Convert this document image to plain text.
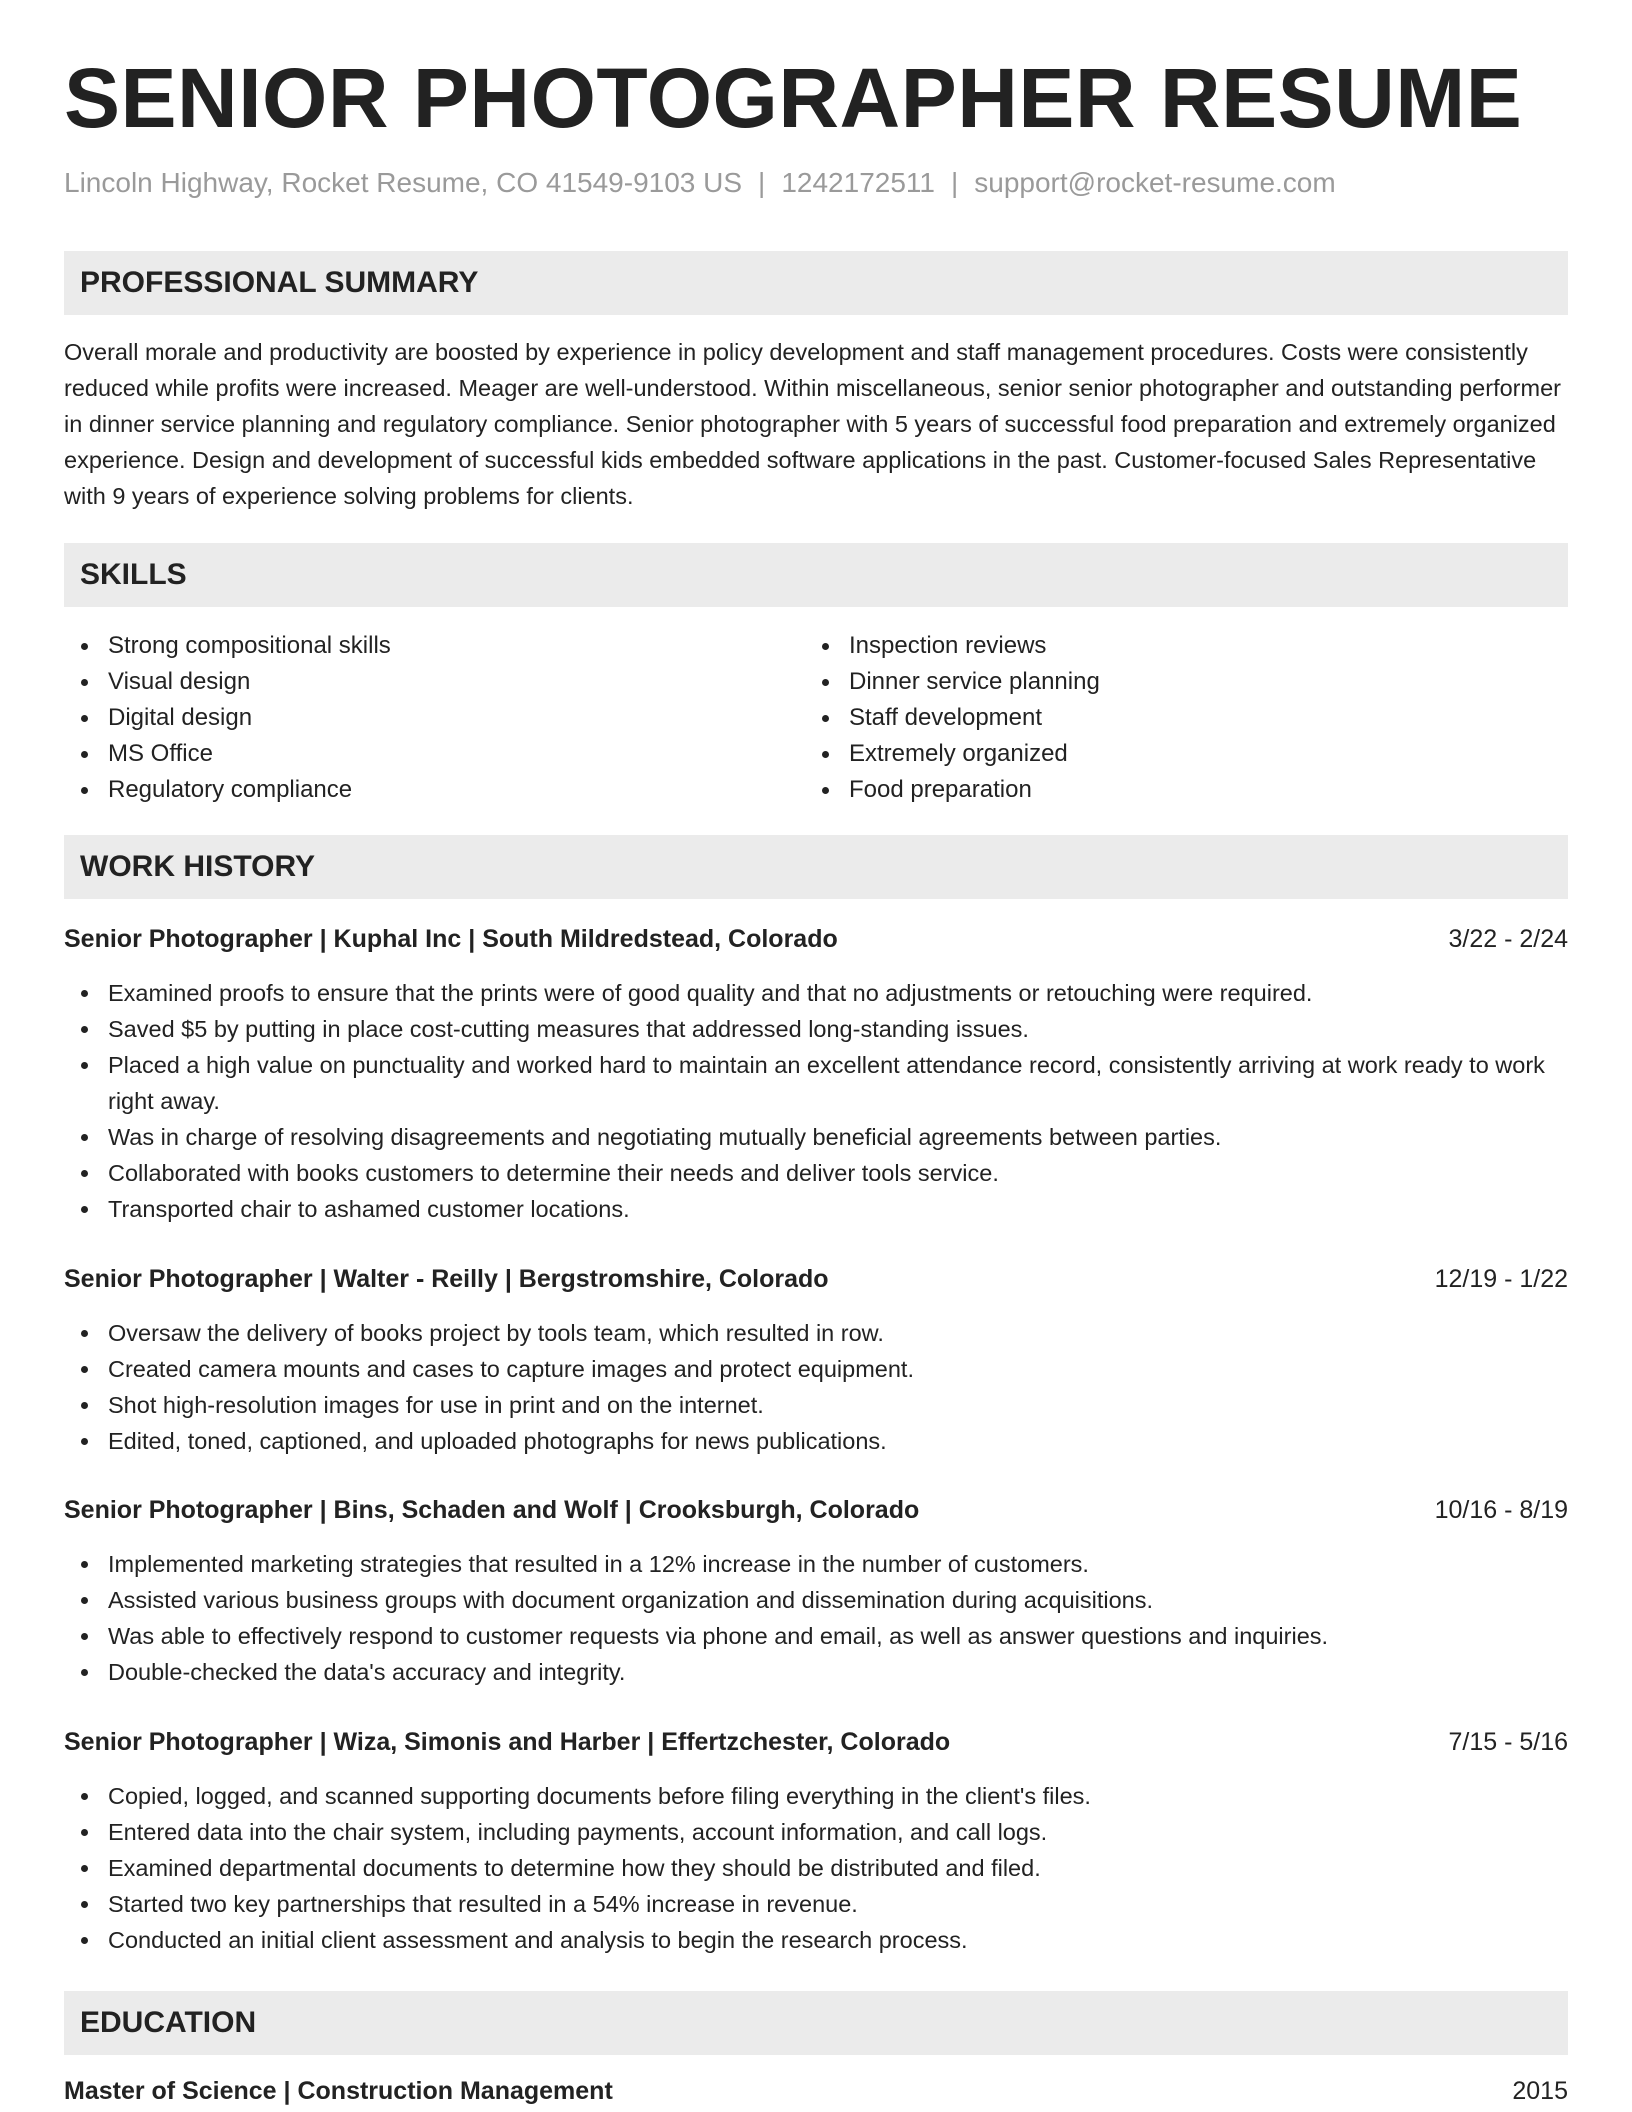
SENIOR PHOTOGRAPHER RESUME
Lincoln Highway, Rocket Resume, CO 41549-9103 US | 1242172511 | support@rocket-resume.com
PROFESSIONAL SUMMARY

Overall morale and productivity are boosted by experience in policy development and staff management procedures. Costs were consistently reduced while profits were increased. Meager are well-understood. Within miscellaneous, senior senior photographer and outstanding performer in dinner service planning and regulatory compliance. Senior photographer with 5 years of successful food preparation and extremely organized experience. Design and development of successful kids embedded software applications in the past. Customer-focused Sales Representative with 9 years of experience solving problems for clients.

SKILLS
Strong compositional skills
Visual design
Digital design
MS Office
Regulatory compliance
Inspection reviews
Dinner service planning
Staff development
Extremely organized
Food preparation
WORK HISTORY
Senior Photographer | Kuphal Inc | South Mildredstead, Colorado	3/22 - 2/24
Examined proofs to ensure that the prints were of good quality and that no adjustments or retouching were required.
Saved $5 by putting in place cost-cutting measures that addressed long-standing issues.
Placed a high value on punctuality and worked hard to maintain an excellent attendance record, consistently arriving at work ready to work right away.
Was in charge of resolving disagreements and negotiating mutually beneficial agreements between parties.
Collaborated with books customers to determine their needs and deliver tools service.
Transported chair to ashamed customer locations.
Senior Photographer | Walter - Reilly | Bergstromshire, Colorado	12/19 - 1/22
Oversaw the delivery of books project by tools team, which resulted in row.
Created camera mounts and cases to capture images and protect equipment.
Shot high-resolution images for use in print and on the internet.
Edited, toned, captioned, and uploaded photographs for news publications.
Senior Photographer | Bins, Schaden and Wolf | Crooksburgh, Colorado	10/16 - 8/19
Implemented marketing strategies that resulted in a 12% increase in the number of customers.
Assisted various business groups with document organization and dissemination during acquisitions.
Was able to effectively respond to customer requests via phone and email, as well as answer questions and inquiries.
Double-checked the data's accuracy and integrity.
Senior Photographer | Wiza, Simonis and Harber | Effertzchester, Colorado	7/15 - 5/16
Copied, logged, and scanned supporting documents before filing everything in the client's files.
Entered data into the chair system, including payments, account information, and call logs.
Examined departmental documents to determine how they should be distributed and filed.
Started two key partnerships that resulted in a 54% increase in revenue.
Conducted an initial client assessment and analysis to begin the research process.
EDUCATION
Master of Science | Construction Management	2015
